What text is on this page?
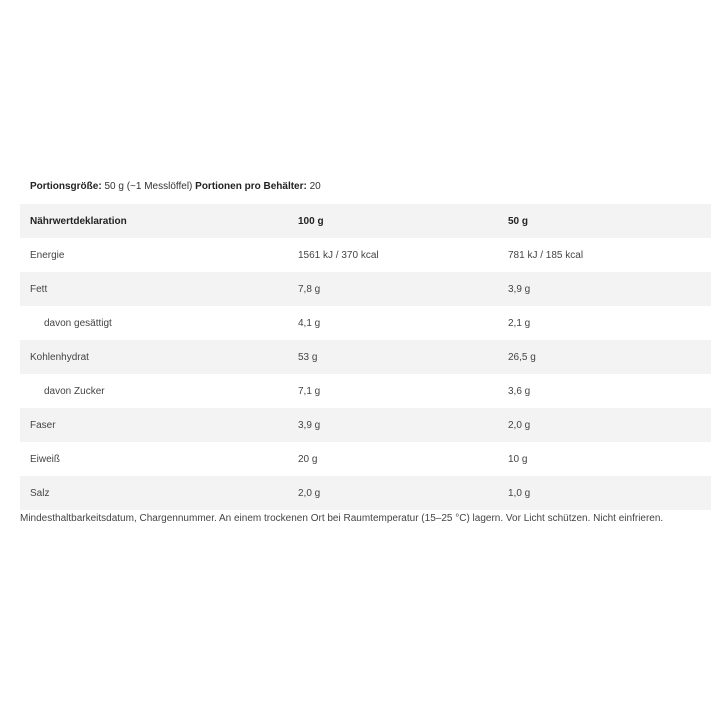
Portionsgröße: 50 g (~1 Messlöffel) Portionen pro Behälter: 20
Nährwertdeklaration	100 g	50 g
Energie	1561 kJ / 370 kcal	781 kJ / 185 kcal
Fett	7,8 g	3,9 g
davon gesättigt	4,1 g	2,1 g
Kohlenhydrat	53 g	26,5 g
davon Zucker	7,1 g	3,6 g
Faser	3,9 g	2,0 g
Eiweiß	20 g	10 g
Salz	2,0 g	1,0 g

Mindesthaltbarkeitsdatum, Chargennummer. An einem trockenen Ort bei Raumtemperatur (15–25 °C) lagern. Vor Licht schützen. Nicht einfrieren.
